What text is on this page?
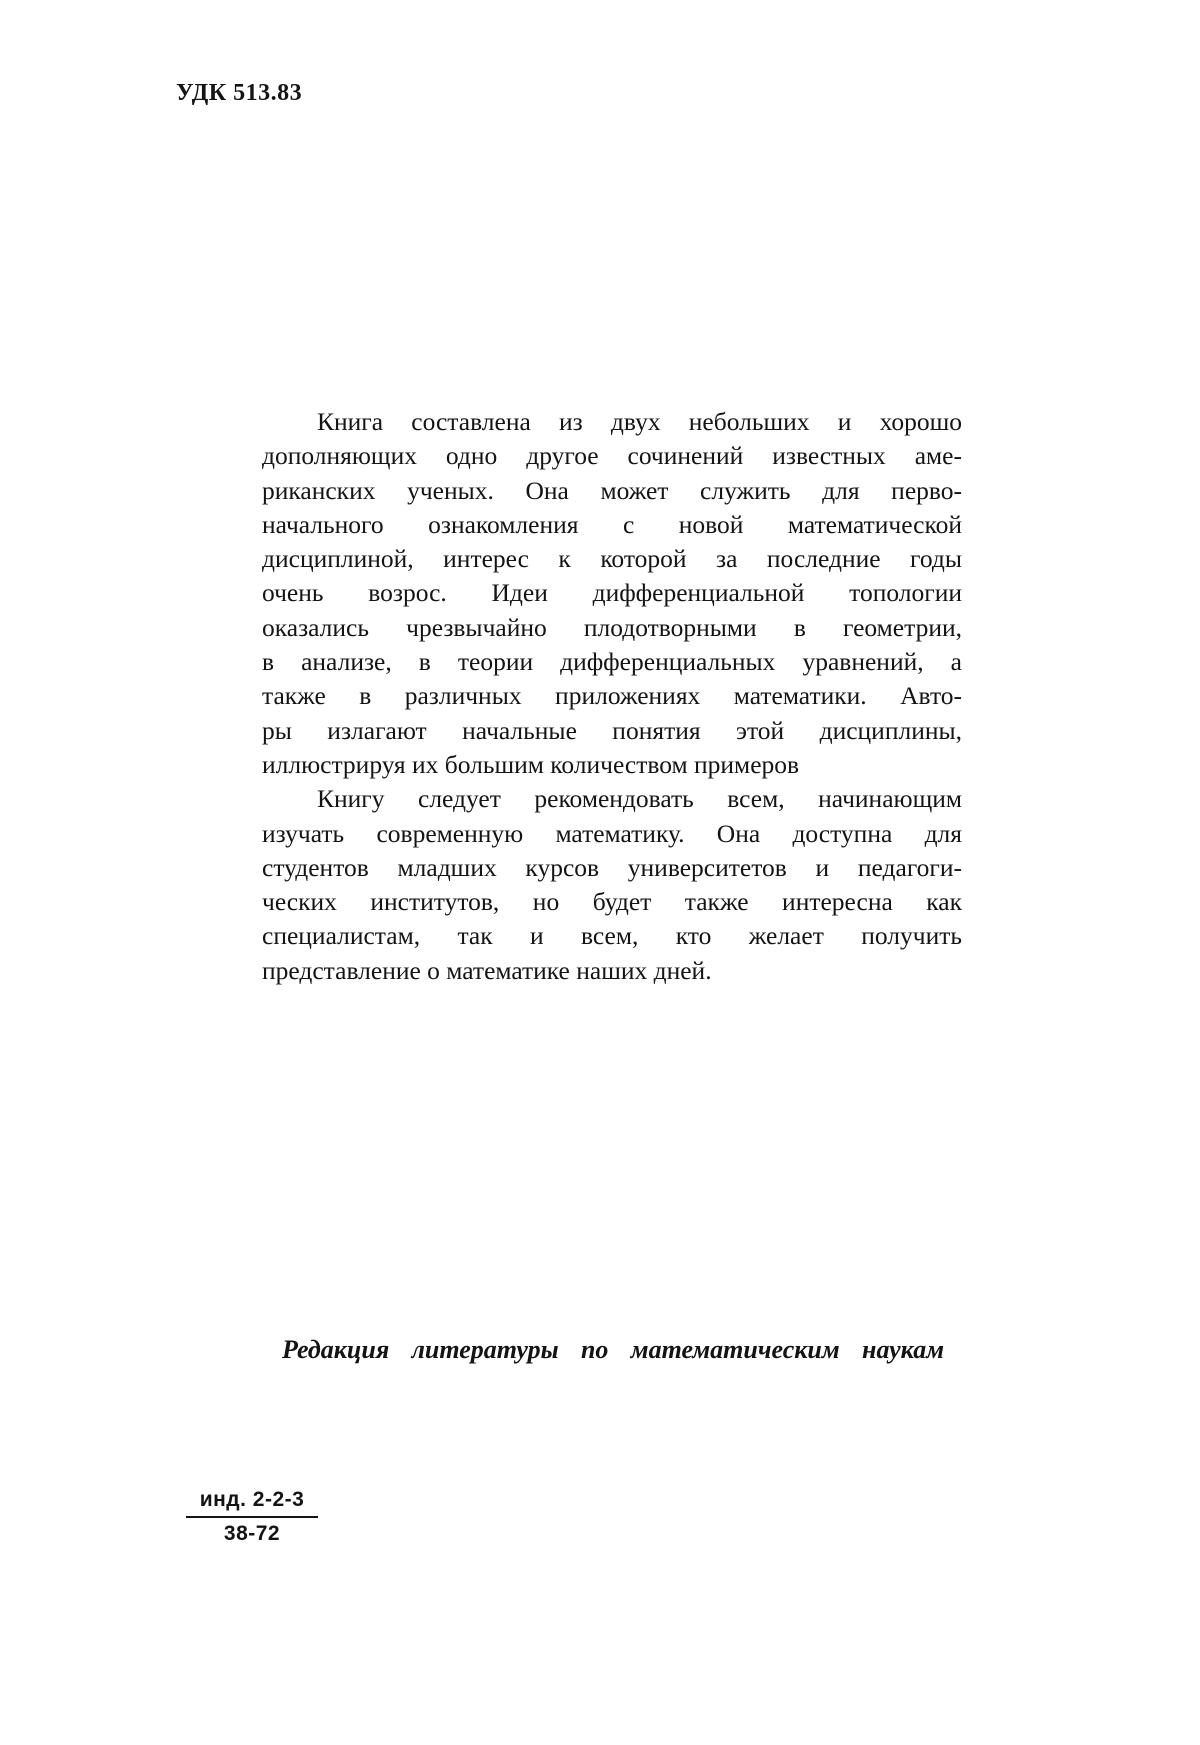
УДК 513.83
Книга составлена из двух небольших и хорошо
дополняющих одно другое сочинений известных аме-
риканских ученых. Она может служить для перво-
начального ознакомления с новой математической
дисциплиной, интерес к которой за последние годы
очень возрос. Идеи дифференциальной топологии
оказались чрезвычайно плодотворными в геометрии,
в анализе, в теории дифференциальных уравнений, а
также в различных приложениях математики. Авто-
ры излагают начальные понятия этой дисциплины,
иллюстрируя их большим количеством примеров
Книгу следует рекомендовать всем, начинающим
изучать современную математику. Она доступна для
студентов младших курсов университетов и педагоги-
ческих институтов, но будет также интересна как
специалистам, так и всем, кто желает получить
представление о математике наших дней.
Редакция литературы по математическим наукам
инд. 2-2-3
38-72
